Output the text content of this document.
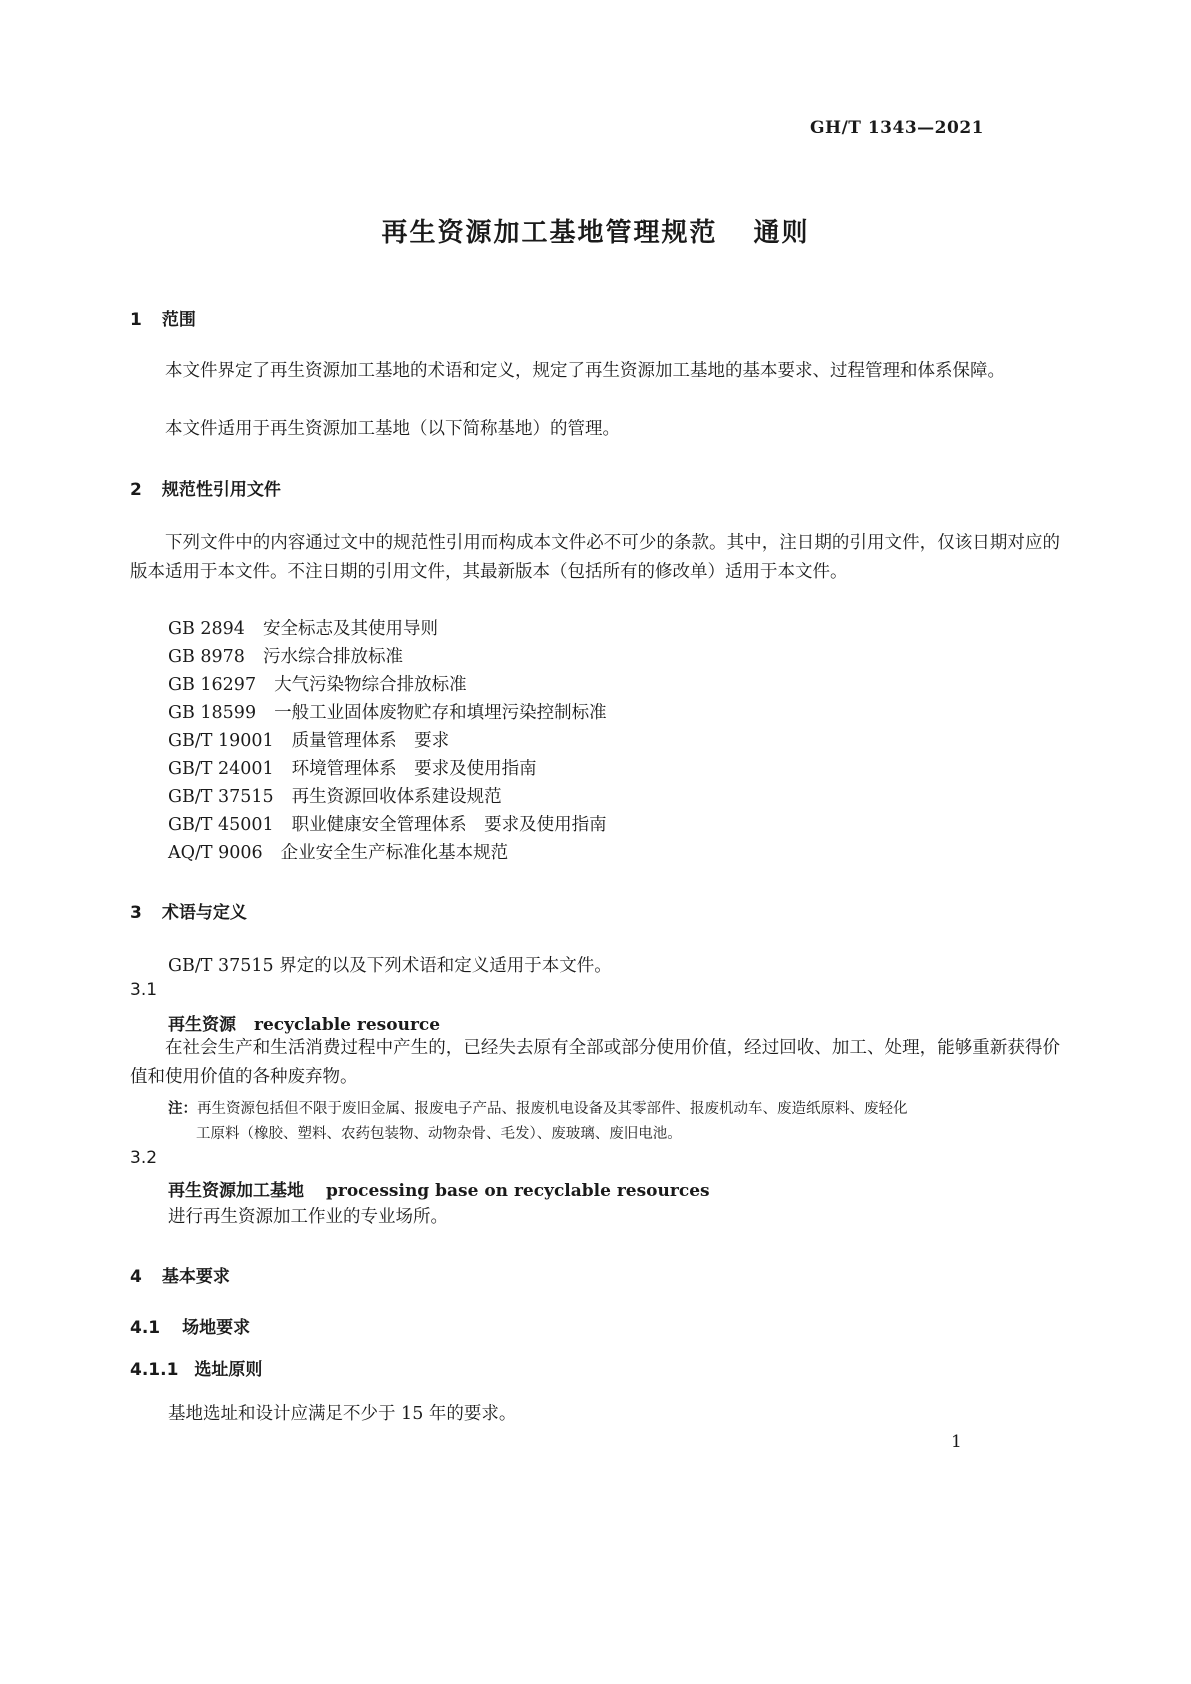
GH/T 1343—2021
再生资源加工基地管理规范 通则
1 范围
本文件界定了再生资源加工基地的术语和定义，规定了再生资源加工基地的基本要求、过程管理和体系保障。
本文件适用于再生资源加工基地（以下简称基地）的管理。
2 规范性引用文件
下列文件中的内容通过文中的规范性引用而构成本文件必不可少的条款。其中，注日期的引用文件，仅该日期对应的版本适用于本文件。不注日期的引用文件，其最新版本（包括所有的修改单）适用于本文件。
GB 2894 安全标志及其使用导则
GB 8978 污水综合排放标准
GB 16297 大气污染物综合排放标准
GB 18599 一般工业固体废物贮存和填埋污染控制标准
GB/T 19001 质量管理体系　要求
GB/T 24001 环境管理体系　要求及使用指南
GB/T 37515 再生资源回收体系建设规范
GB/T 45001 职业健康安全管理体系　要求及使用指南
AQ/T 9006 企业安全生产标准化基本规范
3 术语与定义
GB/T 37515 界定的以及下列术语和定义适用于本文件。
3.1
再生资源 recyclable resource
在社会生产和生活消费过程中产生的，已经失去原有全部或部分使用价值，经过回收、加工、处理，能够重新获得价值和使用价值的各种废弃物。
注：再生资源包括但不限于废旧金属、报废电子产品、报废机电设备及其零部件、报废机动车、废造纸原料、废轻化
工原料（橡胶、塑料、农药包装物、动物杂骨、毛发）、废玻璃、废旧电池。
3.2
再生资源加工基地 processing base on recyclable resources
进行再生资源加工作业的专业场所。
4 基本要求
4.1 场地要求
4.1.1 选址原则
基地选址和设计应满足不少于 15 年的要求。
1
